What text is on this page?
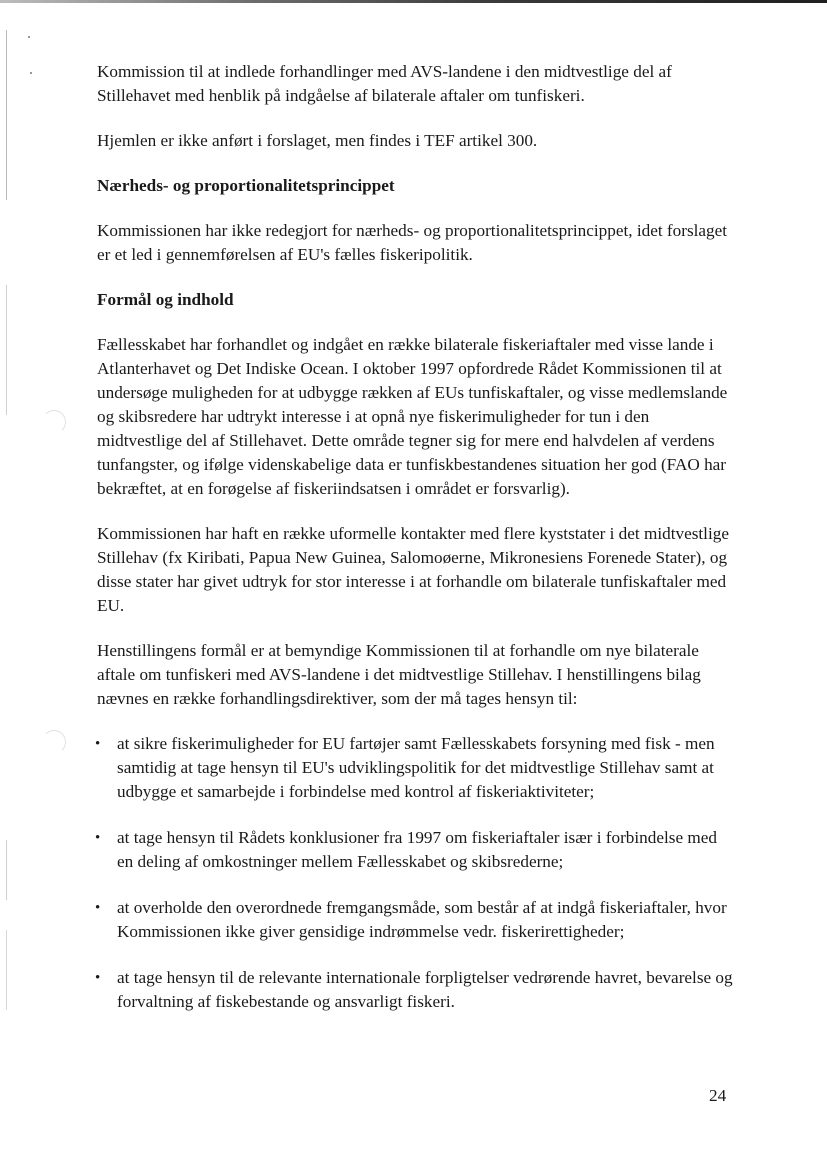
Kommission til at indlede forhandlinger med AVS-landene i den midtvestlige del af Stillehavet med henblik på indgåelse af bilaterale aftaler om tunfiskeri.

Hjemlen er ikke anført i forslaget, men findes i TEF artikel 300.

Nærheds- og proportionalitetsprincippet

Kommissionen har ikke redegjort for nærheds- og proportionalitetsprincippet, idet forslaget er et led i gennemførelsen af EU's fælles fiskeripolitik.

Formål og indhold

Fællesskabet har forhandlet og indgået en række bilaterale fiskeriaftaler med visse lande i Atlanterhavet og Det Indiske Ocean. I oktober 1997 opfordrede Rådet Kommissionen til at undersøge muligheden for at udbygge rækken af EUs tunfiskaftaler, og visse medlemslande og skibsredere har udtrykt interesse i at opnå nye fiskerimuligheder for tun i den midtvestlige del af Stillehavet. Dette område tegner sig for mere end halvdelen af verdens tunfangster, og ifølge videnskabelige data er tunfiskbestandenes situation her god (FAO har bekræftet, at en forøgelse af fiskeriindsatsen i området er forsvarlig).

Kommissionen har haft en række uformelle kontakter med flere kyststater i det midtvestlige Stillehav (fx Kiribati, Papua New Guinea, Salomoøerne, Mikronesiens Forenede Stater), og disse stater har givet udtryk for stor interesse i at forhandle om bilaterale tunfiskaftaler med EU.

Henstillingens formål er at bemyndige Kommissionen til at forhandle om nye bilaterale aftale om tunfiskeri med AVS-landene i det midtvestlige Stillehav. I henstillingens bilag nævnes en række forhandlingsdirektiver, som der må tages hensyn til:

• at sikre fiskerimuligheder for EU fartøjer samt Fællesskabets forsyning med fisk - men samtidig at tage hensyn til EU's udviklingspolitik for det midtvestlige Stillehav samt at udbygge et samarbejde i forbindelse med kontrol af fiskeriaktiviteter;
• at tage hensyn til Rådets konklusioner fra 1997 om fiskeriaftaler især i forbindelse med en deling af omkostninger mellem Fællesskabet og skibsrederne;
• at overholde den overordnede fremgangsmåde, som består af at indgå fiskeriaftaler, hvor Kommissionen ikke giver gensidige indrømmelse vedr. fiskerirettigheder;
• at tage hensyn til de relevante internationale forpligtelser vedrørende havret, bevarelse og forvaltning af fiskebestande og ansvarligt fiskeri.
24
